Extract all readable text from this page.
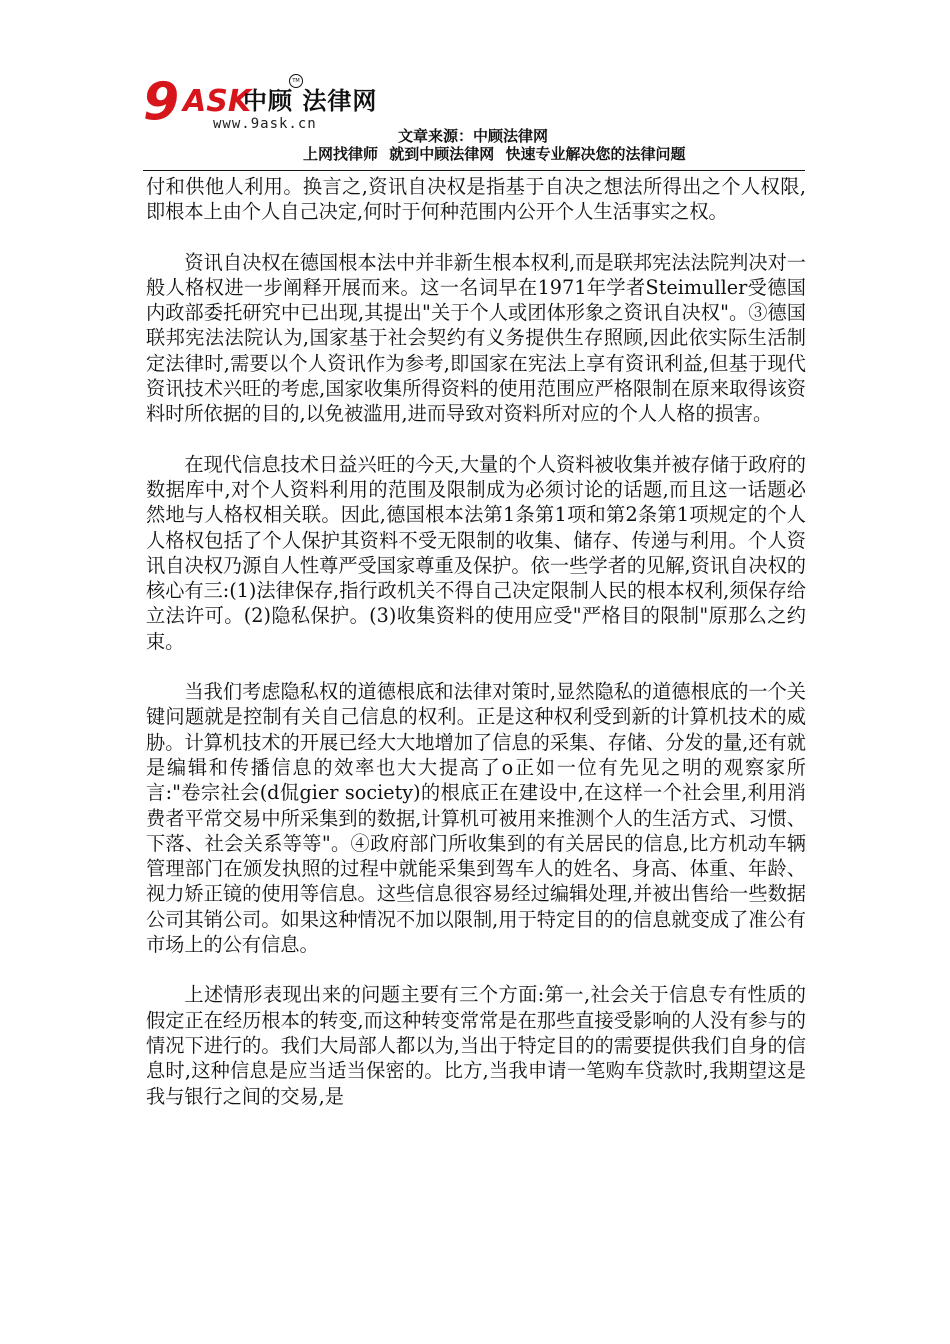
9 ASK
中顾 法律网
TM
www.9ask.cn
文章来源：中顾法律网
上网找律师 就到中顾法律网 快速专业解决您的法律问题

付和供他人利用。换言之,资讯自决权是指基于自决之想法所得出之个人权限,即根本上由个人自己决定,何时于何种范围内公开个人生活事实之权。

资讯自决权在德国根本法中并非新生根本权利,而是联邦宪法法院判决对一般人格权进一步阐释开展而来。这一名词早在1971年学者Steimuller受德国内政部委托研究中已出现,其提出"关于个人或团体形象之资讯自决权"。③德国联邦宪法法院认为,国家基于社会契约有义务提供生存照顾,因此依实际生活制定法律时,需要以个人资讯作为参考,即国家在宪法上享有资讯利益,但基于现代资讯技术兴旺的考虑,国家收集所得资料的使用范围应严格限制在原来取得该资料时所依据的目的,以免被滥用,进而导致对资料所对应的个人人格的损害。

在现代信息技术日益兴旺的今天,大量的个人资料被收集并被存储于政府的数据库中,对个人资料利用的范围及限制成为必须讨论的话题,而且这一话题必然地与人格权相关联。因此,德国根本法第1条第1项和第2条第1项规定的个人人格权包括了个人保护其资料不受无限制的收集、储存、传递与利用。个人资讯自决权乃源自人性尊严受国家尊重及保护。依一些学者的见解,资讯自决权的核心有三:(1)法律保存,指行政机关不得自己决定限制人民的根本权利,须保存给立法许可。(2)隐私保护。(3)收集资料的使用应受"严格目的限制"原那么之约束。

当我们考虑隐私权的道德根底和法律对策时,显然隐私的道德根底的一个关键问题就是控制有关自己信息的权利。正是这种权利受到新的计算机技术的威胁。计算机技术的开展已经大大地增加了信息的采集、存储、分发的量,还有就是编辑和传播信息的效率也大大提高了o正如一位有先见之明的观察家所言:"卷宗社会(d侃gier society)的根底正在建设中,在这样一个社会里,利用消费者平常交易中所采集到的数据,计算机可被用来推测个人的生活方式、习惯、下落、社会关系等等"。④政府部门所收集到的有关居民的信息,比方机动车辆管理部门在颁发执照的过程中就能采集到驾车人的姓名、身高、体重、年龄、视力矫正镜的使用等信息。这些信息很容易经过编辑处理,并被出售给一些数据公司其销公司。如果这种情况不加以限制,用于特定目的的信息就变成了准公有市场上的公有信息。

上述情形表现出来的问题主要有三个方面:第一,社会关于信息专有性质的假定正在经历根本的转变,而这种转变常常是在那些直接受影响的人没有参与的情况下进行的。我们大局部人都以为,当出于特定目的的需要提供我们自身的信息时,这种信息是应当适当保密的。比方,当我申请一笔购车贷款时,我期望这是我与银行之间的交易,是
